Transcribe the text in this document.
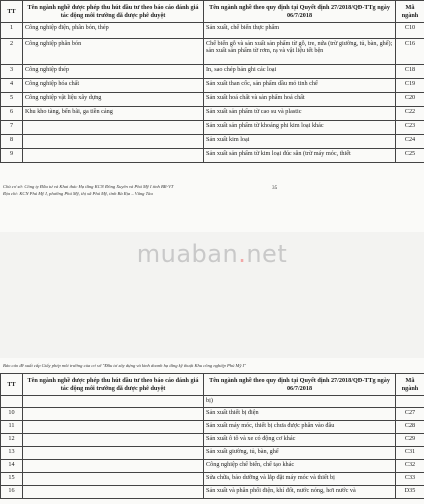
TT	Tên ngành nghề được phép thu hút đầu tư theo báo cáo đánh giá tác động môi trường đã được phê duyệt	Tên ngành nghề theo quy định tại Quyết định 27/2018/QĐ-TTg ngày 06/7/2018	Mã ngành
1	Công nghiệp điện, phân bón, thép	Sản xuất, chế biến thực phẩm	C10
2	Công nghiệp phân bón	Chế biến gỗ và sản xuất sản phẩm từ gỗ, tre, nứa (trừ giường, tủ, bàn, ghế); sản xuất sản phẩm từ rơm, rạ và vật liệu tết bện	C16
3	Công nghiệp thép	In, sao chép bản ghi các loại	C18
4	Công nghiệp hóa chất	Sản xuất than cốc, sản phẩm dầu mỏ tinh chế	C19
5	Công nghiệp vật liệu xây dựng	Sản xuất hoá chất và sản phẩm hoá chất	C20
6	Khu kho tàng, bến bãi, ga tiền cảng	Sản xuất sản phẩm từ cao su và plastic	C22
7		Sản xuất sản phẩm từ khoáng phi kim loại khác	C23
8		Sản xuất kim loại	C24
9		Sản xuất sản phẩm từ kim loại đúc sẵn (trừ máy móc, thiết	C25
Chủ cơ sở: Công ty Đầu tư và Khai thác Hạ tầng KCN Đông Xuyên và Phú Mỹ I tỉnh BR-VT
Địa chỉ: KCN Phú Mỹ I, phường Phú Mỹ, thị xã Phú Mỹ, tỉnh Bà Rịa – Vũng Tàu
35
muaban.net
TT	Tên ngành nghề được phép thu hút đầu tư theo báo cáo đánh giá tác động môi trường đã được phê duyệt	Tên ngành nghề theo quy định tại Quyết định 27/2018/QĐ-TTg ngày 06/7/2018	Mã ngành
		bị)	
10		Sản xuất thiết bị điện	C27
11		Sản xuất máy móc, thiết bị chưa được phân vào đâu	C28
12		Sản xuất ô tô và xe có động cơ khác	C29
13		Sản xuất giường, tủ, bàn, ghế	C31
14		Công nghiệp chế biến, chế tạo khác	C32
15		Sửa chữa, bảo dưỡng và lắp đặt máy móc và thiết bị	C33
16		Sản xuất và phân phối điện, khí đốt, nước nóng, hơi nước và	D35
Báo cáo đề xuất cấp Giấy phép môi trường của cơ sở "Đầu tư xây dựng và kinh doanh hạ tầng kỹ thuật Khu công nghiệp Phú Mỹ I"
